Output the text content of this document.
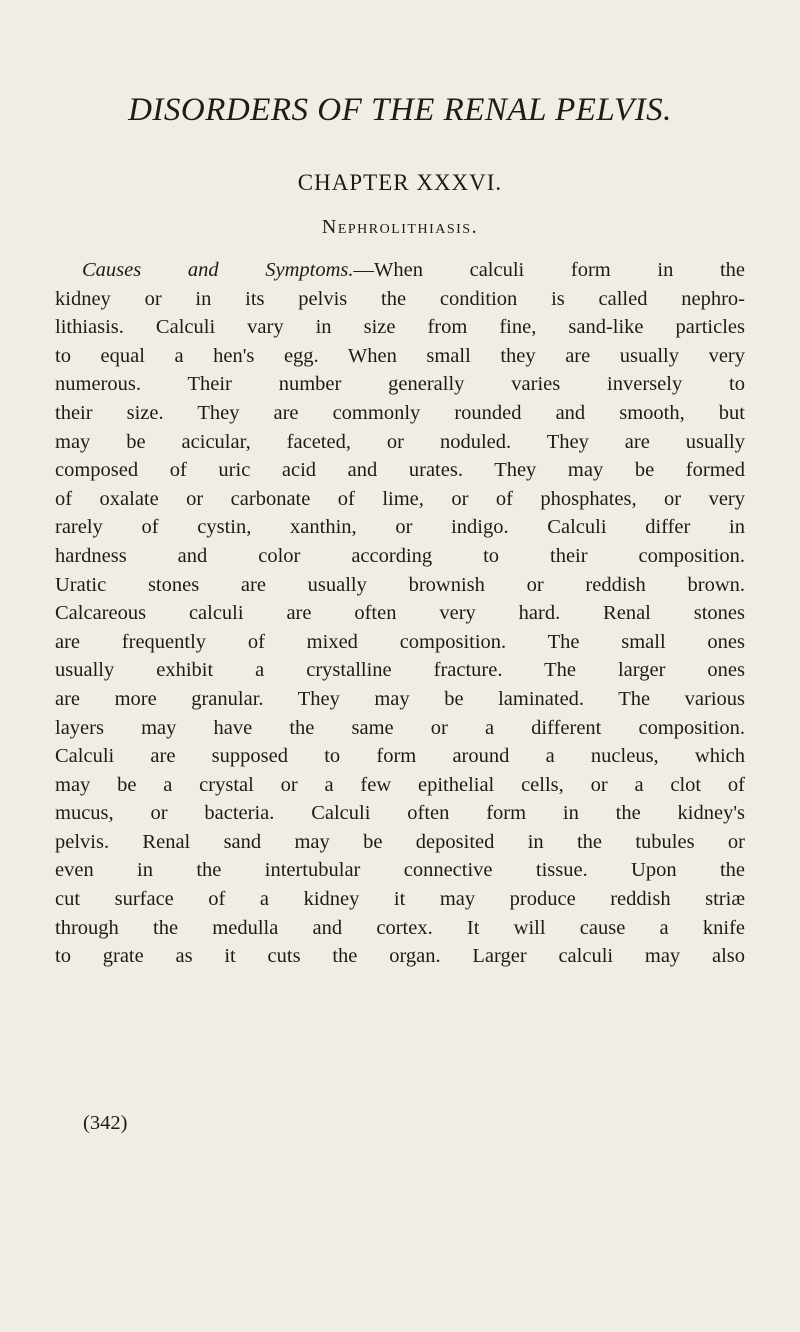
DISORDERS OF THE RENAL PELVIS.
CHAPTER XXXVI.
Nephrolithiasis.
Causes and Symptoms.—When calculi form in the
kidney or in its pelvis the condition is called nephro-
lithiasis. Calculi vary in size from fine, sand-like particles
to equal a hen's egg. When small they are usually very
numerous. Their number generally varies inversely to
their size. They are commonly rounded and smooth, but
may be acicular, faceted, or noduled. They are usually
composed of uric acid and urates. They may be formed
of oxalate or carbonate of lime, or of phosphates, or very
rarely of cystin, xanthin, or indigo. Calculi differ in
hardness and color according to their composition.
Uratic stones are usually brownish or reddish brown.
Calcareous calculi are often very hard. Renal stones
are frequently of mixed composition. The small ones
usually exhibit a crystalline fracture. The larger ones
are more granular. They may be laminated. The various
layers may have the same or a different composition.
Calculi are supposed to form around a nucleus, which
may be a crystal or a few epithelial cells, or a clot of
mucus, or bacteria. Calculi often form in the kidney's
pelvis. Renal sand may be deposited in the tubules or
even in the intertubular connective tissue. Upon the
cut surface of a kidney it may produce reddish striæ
through the medulla and cortex. It will cause a knife
to grate as it cuts the organ. Larger calculi may also
(342)
